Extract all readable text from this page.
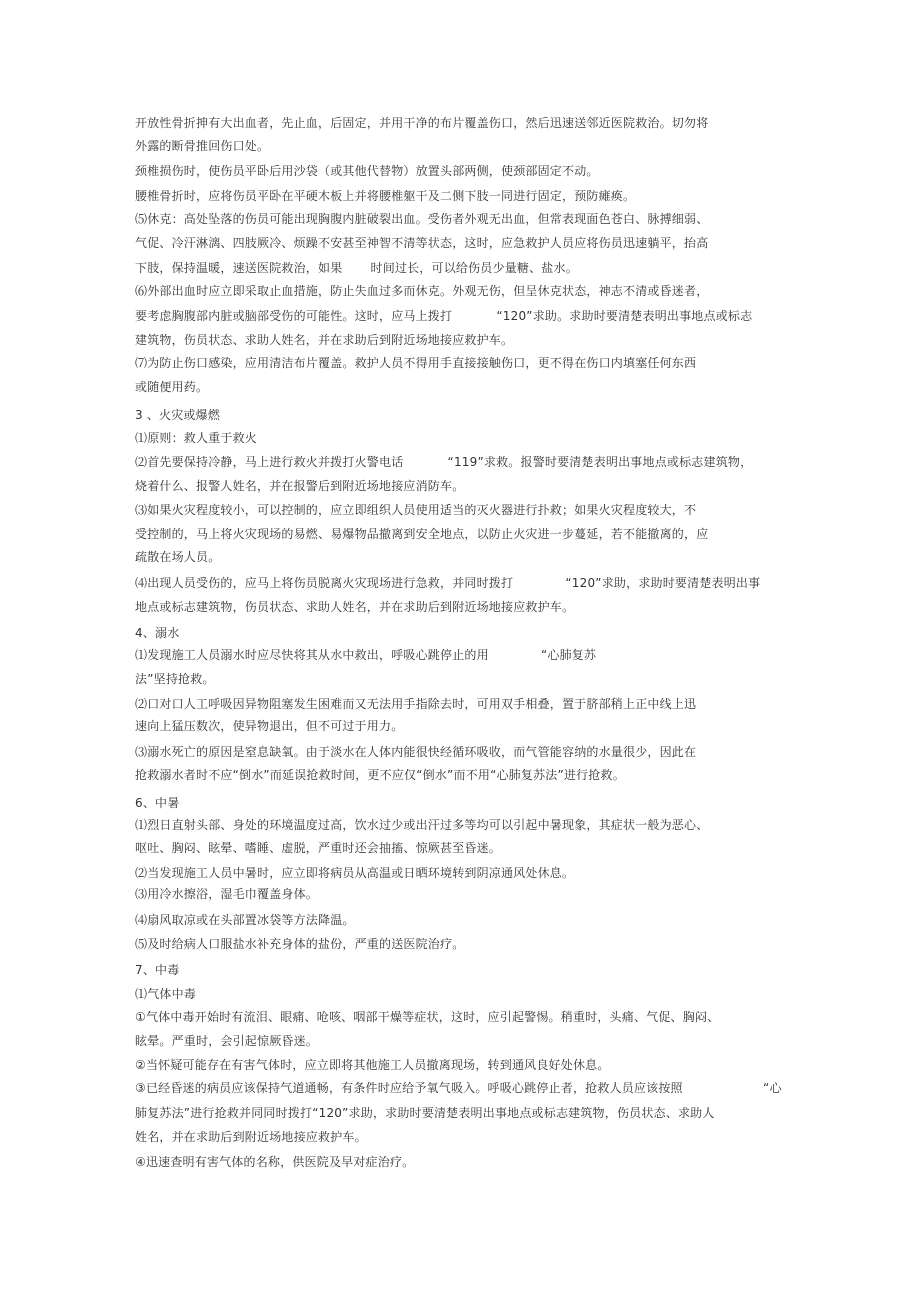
开放性骨折抻有大出血者，先止血，后固定，并用干净的布片覆盖伤口，然后迅速送邻近医院救治。切勿将
外露的断骨推回伤口处。
颈椎损伤时，使伤员平卧后用沙袋（或其他代替物）放置头部两侧，使颈部固定不动。
腰椎骨折时，应将伤员平卧在平硬木板上并将腰椎躯干及二侧下肢一同进行固定，预防瘫痪。
⑸休克：高处坠落的伤员可能出现胸腹内脏破裂出血。受伤者外观无出血，但常表现面色苍白、脉搏细弱、
气促、冷汗淋漓、四肢厥冷、烦躁不安甚至神智不清等状态，这时，应急救护人员应将伤员迅速躺平，抬高
下肢，保持温暖，速送医院救治，如果       时间过长，可以给伤员少量糖、盐水。
⑹外部出血时应立即采取止血措施，防止失血过多而休克。外观无伤，但呈休克状态，神志不清或昏迷者，
要考虑胸腹部内脏或脑部受伤的可能性。这时，应马上拨打           “120”求助。求助时要清楚表明出事地点或标志
建筑物，伤员状态、求助人姓名，并在求助后到附近场地接应救护车。
⑺为防止伤口感染，应用清洁布片覆盖。救护人员不得用手直接接触伤口，更不得在伤口内填塞任何东西
或随便用药。
3 、火灾或爆燃
⑴原则：救人重于救火
⑵首先要保持冷静，马上进行救火并拨打火警电话           “119”求救。报警时要清楚表明出事地点或标志建筑物，
烧着什么、报警人姓名，并在报警后到附近场地接应消防车。
⑶如果火灾程度较小，可以控制的，应立即组织人员使用适当的灭火器进行扑救；如果火灾程度较大，不
受控制的，马上将火灾现场的易燃、易爆物品撤离到安全地点，以防止火灾进一步蔓延，若不能撤离的，应
疏散在场人员。
⑷出现人员受伤的，应马上将伤员脱离火灾现场进行急救，并同时拨打             “120”求助，求助时要清楚表明出事
地点或标志建筑物，伤员状态、求助人姓名，并在求助后到附近场地接应救护车。
4、溺水
⑴发现施工人员溺水时应尽快将其从水中救出，呼吸心跳停止的用             “心肺复苏
法”坚持抢救。
⑵口对口人工呼吸因异物阻塞发生困难而又无法用手指除去时，可用双手相叠，置于脐部稍上正中线上迅
速向上猛压数次，使异物退出，但不可过于用力。
⑶溺水死亡的原因是窒息缺氧。由于淡水在人体内能很快经循环吸收，而气管能容纳的水量很少，因此在
抢救溺水者时不应“倒水”而延误抢救时间，更不应仅“倒水”而不用“心肺复苏法”进行抢救。
6、中暑
⑴烈日直射头部、身处的环境温度过高，饮水过少或出汗过多等均可以引起中暑现象，其症状一般为恶心、
呕吐、胸闷、眩晕、嗜睡、虚脱，严重时还会抽搐、惊厥甚至昏迷。
⑵当发现施工人员中暑时，应立即将病员从高温或日晒环境转到阴凉通风处休息。
⑶用冷水擦浴，湿毛巾覆盖身体。
⑷扇风取凉或在头部置冰袋等方法降温。
⑸及时给病人口服盐水补充身体的盐份，严重的送医院治疗。
7、中毒
⑴气体中毒
①气体中毒开始时有流泪、眼痛、呛咳、咽部干燥等症状，这时，应引起警惕。稍重时，头痛、气促、胸闷、
眩晕。严重时，会引起惊厥昏迷。
②当怀疑可能存在有害气体时，应立即将其他施工人员撤离现场，转到通风良好处休息。
③已经昏迷的病员应该保持气道通畅，有条件时应给予氧气吸入。呼吸心跳停止者，抢救人员应该按照                    “心
肺复苏法”进行抢救并同同时拨打“120”求助，求助时要清楚表明出事地点或标志建筑物，伤员状态、求助人
姓名，并在求助后到附近场地接应救护车。
④迅速查明有害气体的名称，供医院及早对症治疗。
